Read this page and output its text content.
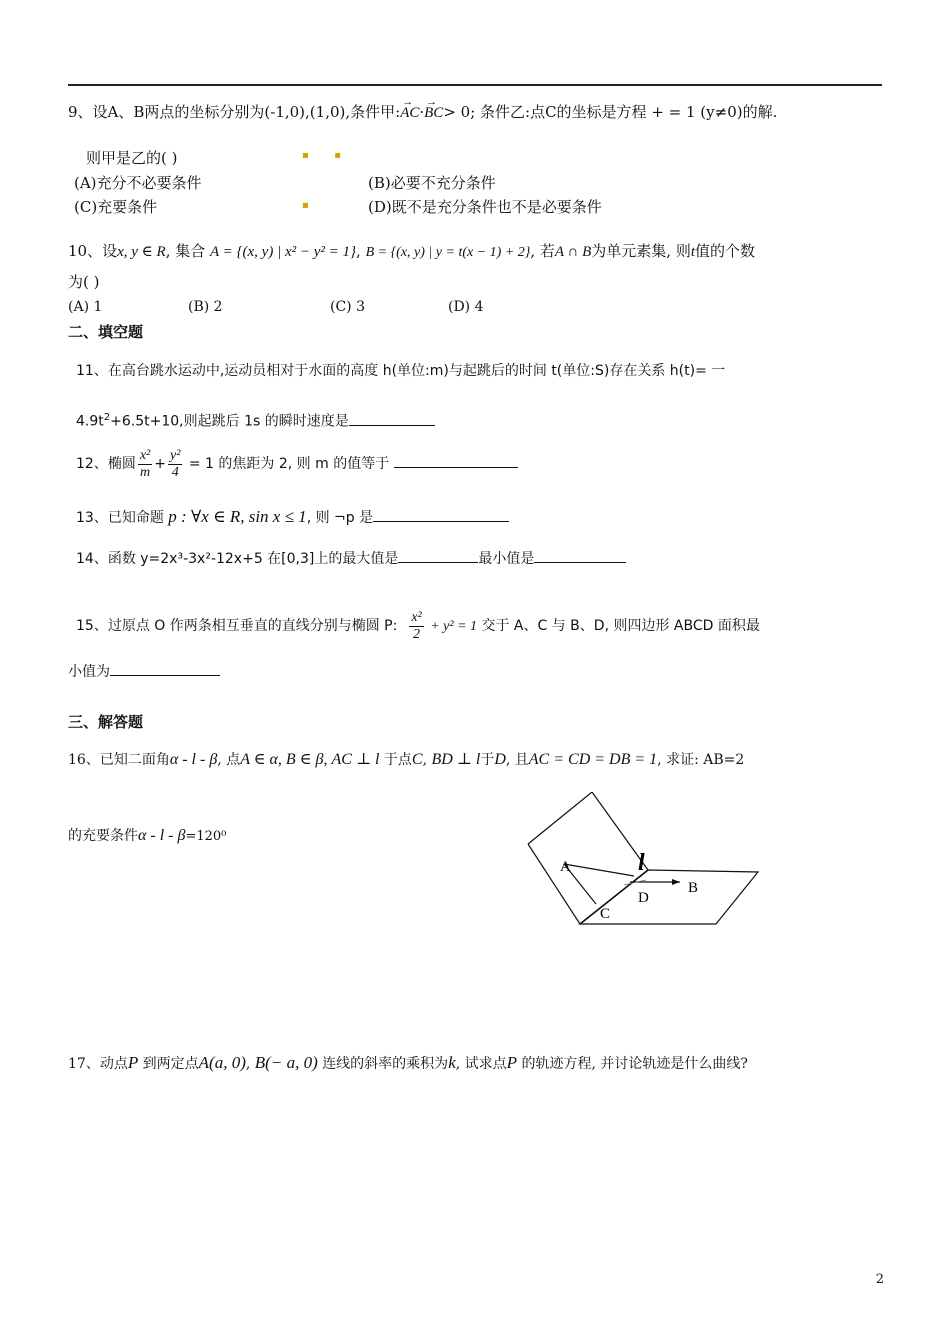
9、设A、B两点的坐标分别为(-1,0),(1,0),条件甲:→ AC·→ BC> 0; 条件乙:点C的坐标是方程 + = 1 (y≠0)的解.
则甲是乙的( )	▪        ▪
(A)充分不必要条件	(B)必要不充分条件
(C)充要条件	▪	(D)既不是充分条件也不是必要条件
10、设x, y ∈ R, 集合 A = {(x, y) | x² − y² = 1}, B = {(x, y) | y = t(x − 1) + 2}, 若A ∩ B为单元素集, 则t值的个数
为( )
(A) 1	(B) 2	(C) 3	(D) 4
二、填空题
11、在高台跳水运动中,运动员相对于水面的高度 h(单位:m)与起跳后的时间 t(单位:S)存在关系 h(t)= 一
$4.9t^2+6.5t+10$,则起跳后 1s 的瞬时速度是
12、椭圆 $\frac{\text{x²}}{m} + \frac{\text{y²}}{4} = 1$ 的焦距为 2, 则 m 的值等于
13、已知命题 p : ∀x ∈ R, sin x ≤ 1, 则 ¬p 是
14、函数 y=2x³-3x²-12x+5 在[0,3]上的最大值是	最小值是
15、过原点 O 作两条相互垂直的直线分别与椭圆 P: $\frac{\text{x²}}{2} + y^2 = 1$ 交于 A、C 与 B、D, 则四边形 ABCD 面积最
小值为
三、解答题
16、已知二面角α - l - β, 点A ∈ α, B ∈ β, AC ⊥ l 于点C, BD ⊥ l于D, 且AC = CD = DB = 1, 求证: AB=2
的充要条件α - l - β=120⁰
A	l
D
B
C
17、动点P 到两定点A(a, 0), B(− a, 0) 连线的斜率的乘积为k, 试求点P 的轨迹方程, 并讨论轨迹是什么曲线?
2
